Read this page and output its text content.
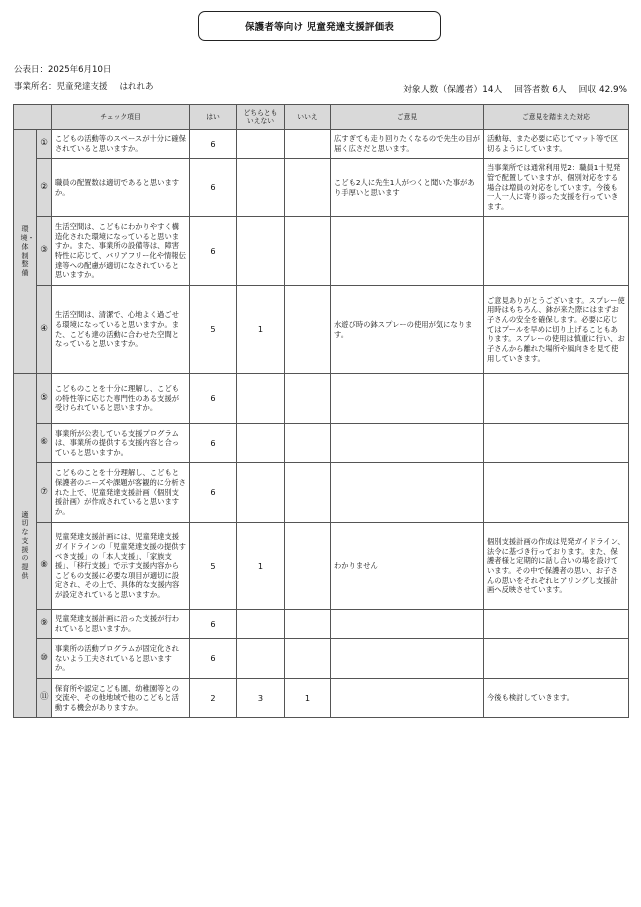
保護者等向け 児童発達支援評価表
公表日：2025年6月10日
事業所名：児童発達支援 はれれあ	対象人数（保護者）14人 回答者数 6人 回収 42.9%
		チェック項目	はい	どちらとも
いえない	いいえ	ご意見	ご意見を踏まえた対応
環境・体制整備	①	こどもの活動等のスペースが十分に確保されていると思いますか。	6			広すぎても走り回りたくなるので先生の目が届く広さだと思います。	活動毎、また必要に応じてマット等で区切るようにしています。
	②	職員の配置数は適切であると思いますか。	6			こども2人に先生1人がつくと聞いた事があり手厚いと思います	当事業所では通常利用児2：職員1十児発管で配置していますが、個別対応をする場合は増員の対応をしています。今後も一人一人に寄り添った支援を行っていきます。
	③	生活空間は、こどもにわかりやすく構造化された環境になっていると思いますか。また、事業所の設備等は、障害特性に応じて、バリアフリー化や情報伝達等への配慮が適切になされていると思いますか。	6				
	④	生活空間は、清潔で、心地よく過ごせる環境になっていると思いますか。また、こども達の活動に合わせた空間となっていると思いますか。	5	1		水遊び時の鉢スプレーの使用が気になります。	ご意見ありがとうございます。スプレー使用時はもちろん、鉢が来た際にはまずお子さんの安全を確保します。必要に応じてはプールを早めに切り上げることもあります。スプレーの使用は慎重に行い、お子さんから離れた場所や風向きを見て使用していきます。
適切な支援の提供	⑤	こどものことを十分に理解し、こどもの特性等に応じた専門性のある支援が受けられていると思いますか。	6				
	⑥	事業所が公表している支援プログラムは、事業所の提供する支援内容と合っていると思いますか。	6				
	⑦	こどものことを十分理解し、こどもと保護者のニーズや課題が客観的に分析された上で、児童発達支援計画（個別支援計画）が作成されていると思いますか。	6				
	⑧	児童発達支援計画には、児童発達支援ガイドラインの「児童発達支援の提供すべき支援」の「本人支援」、「家族支援」、「移行支援」で示す支援内容からこどもの支援に必要な項目が適切に設定され、その上で、具体的な支援内容が設定されていると思いますか。	5	1		わかりません	個別支援計画の作成は児発ガイドライン、法令に基づき行っております。また、保護者様と定期的に話し合いの場を設けています。その中で保護者の思い、お子さんの思いをそれぞれヒアリングし支援計画へ反映させています。
	⑨	児童発達支援計画に沿った支援が行われていると思いますか。	6				
	⑩	事業所の活動プログラムが固定化されないよう工夫されていると思いますか。	6				
	⑪	保育所や認定こども園、幼稚園等との交流や、その他地域で他のこどもと活動する機会がありますか。	2	3	1		今後も検討していきます。
